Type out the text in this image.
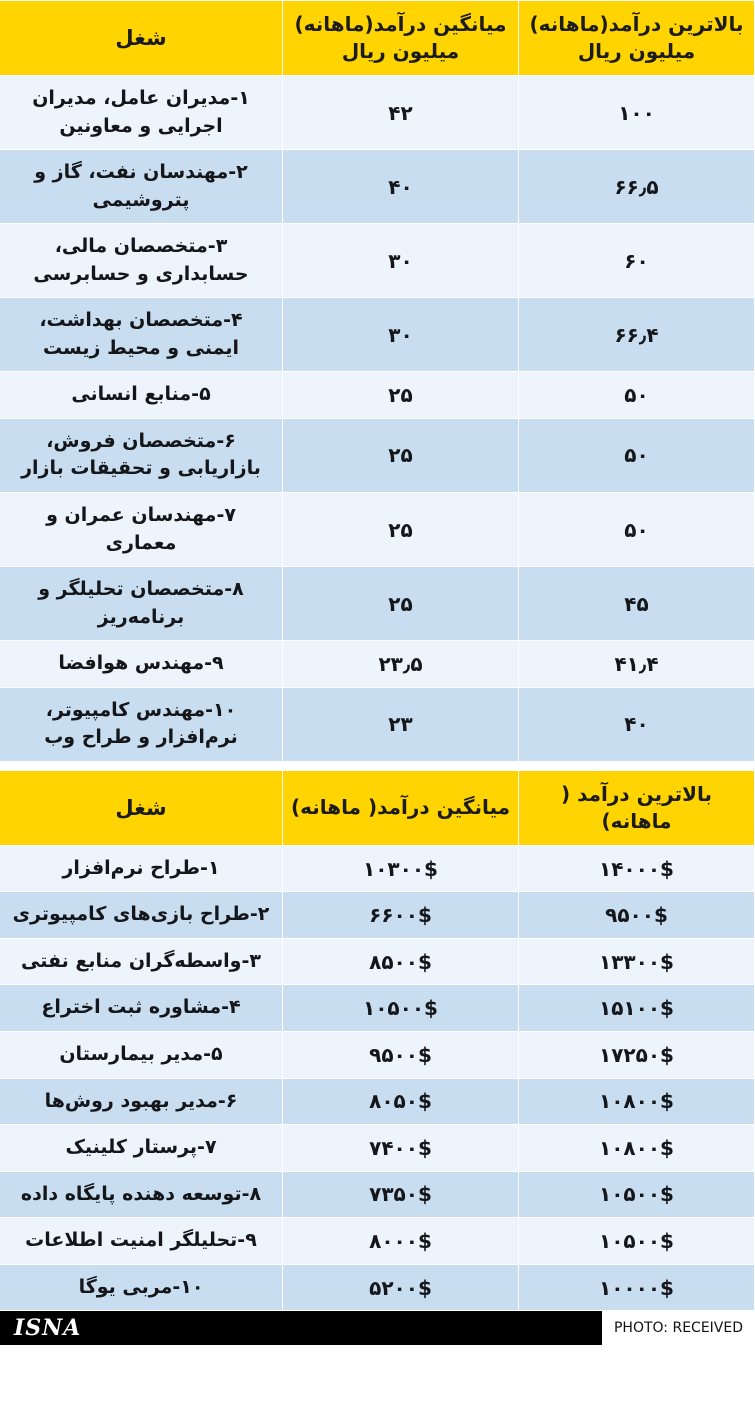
بالاترین درآمد(ماهانه) میلیون ریال	میانگین درآمد(ماهانه) میلیون ریال	شغل
۱۰۰	۴۲	۱-مدیران عامل، مدیران اجرایی و معاونین
۶۶٫۵	۴۰	۲-مهندسان نفت، گاز و پتروشیمی
۶۰	۳۰	۳-متخصصان مالی، حسابداری و حسابرسی
۶۶٫۴	۳۰	۴-متخصصان بهداشت، ایمنی و محیط زیست
۵۰	۲۵	۵-منابع انسانی
۵۰	۲۵	۶-متخصصان فروش، بازاریابی و تحقیقات بازار
۵۰	۲۵	۷-مهندسان عمران و معماری
۴۵	۲۵	۸-متخصصان تحلیلگر و برنامه‌ریز
۴۱٫۴	۲۳٫۵	۹-مهندس هوافضا
۴۰	۲۳	۱۰-مهندس کامپیوتر، نرم‌افزار و طراح وب
بالاترین درآمد ( ماهانه)	میانگین درآمد( ماهانه)	شغل
۱۴۰۰۰$	۱۰۳۰۰$	۱-طراح نرم‌افزار
۹۵۰۰$	۶۶۰۰$	۲-طراح بازی‌های کامپیوتری
۱۳۳۰۰$	۸۵۰۰$	۳-واسطه‌گران منابع نفتی
۱۵۱۰۰$	۱۰۵۰۰$	۴-مشاوره ثبت اختراع
۱۷۲۵۰$	۹۵۰۰$	۵-مدیر بیمارستان
۱۰۸۰۰$	۸۰۵۰$	۶-مدیر بهبود روش‌ها
۱۰۸۰۰$	۷۴۰۰$	۷-پرستار کلینیک
۱۰۵۰۰$	۷۳۵۰$	۸-توسعه دهنده پایگاه داده
۱۰۵۰۰$	۸۰۰۰$	۹-تحلیلگر امنیت اطلاعات
۱۰۰۰۰$	۵۲۰۰$	۱۰-مربی یوگا
ISNA	PHOTO: RECEIVED
